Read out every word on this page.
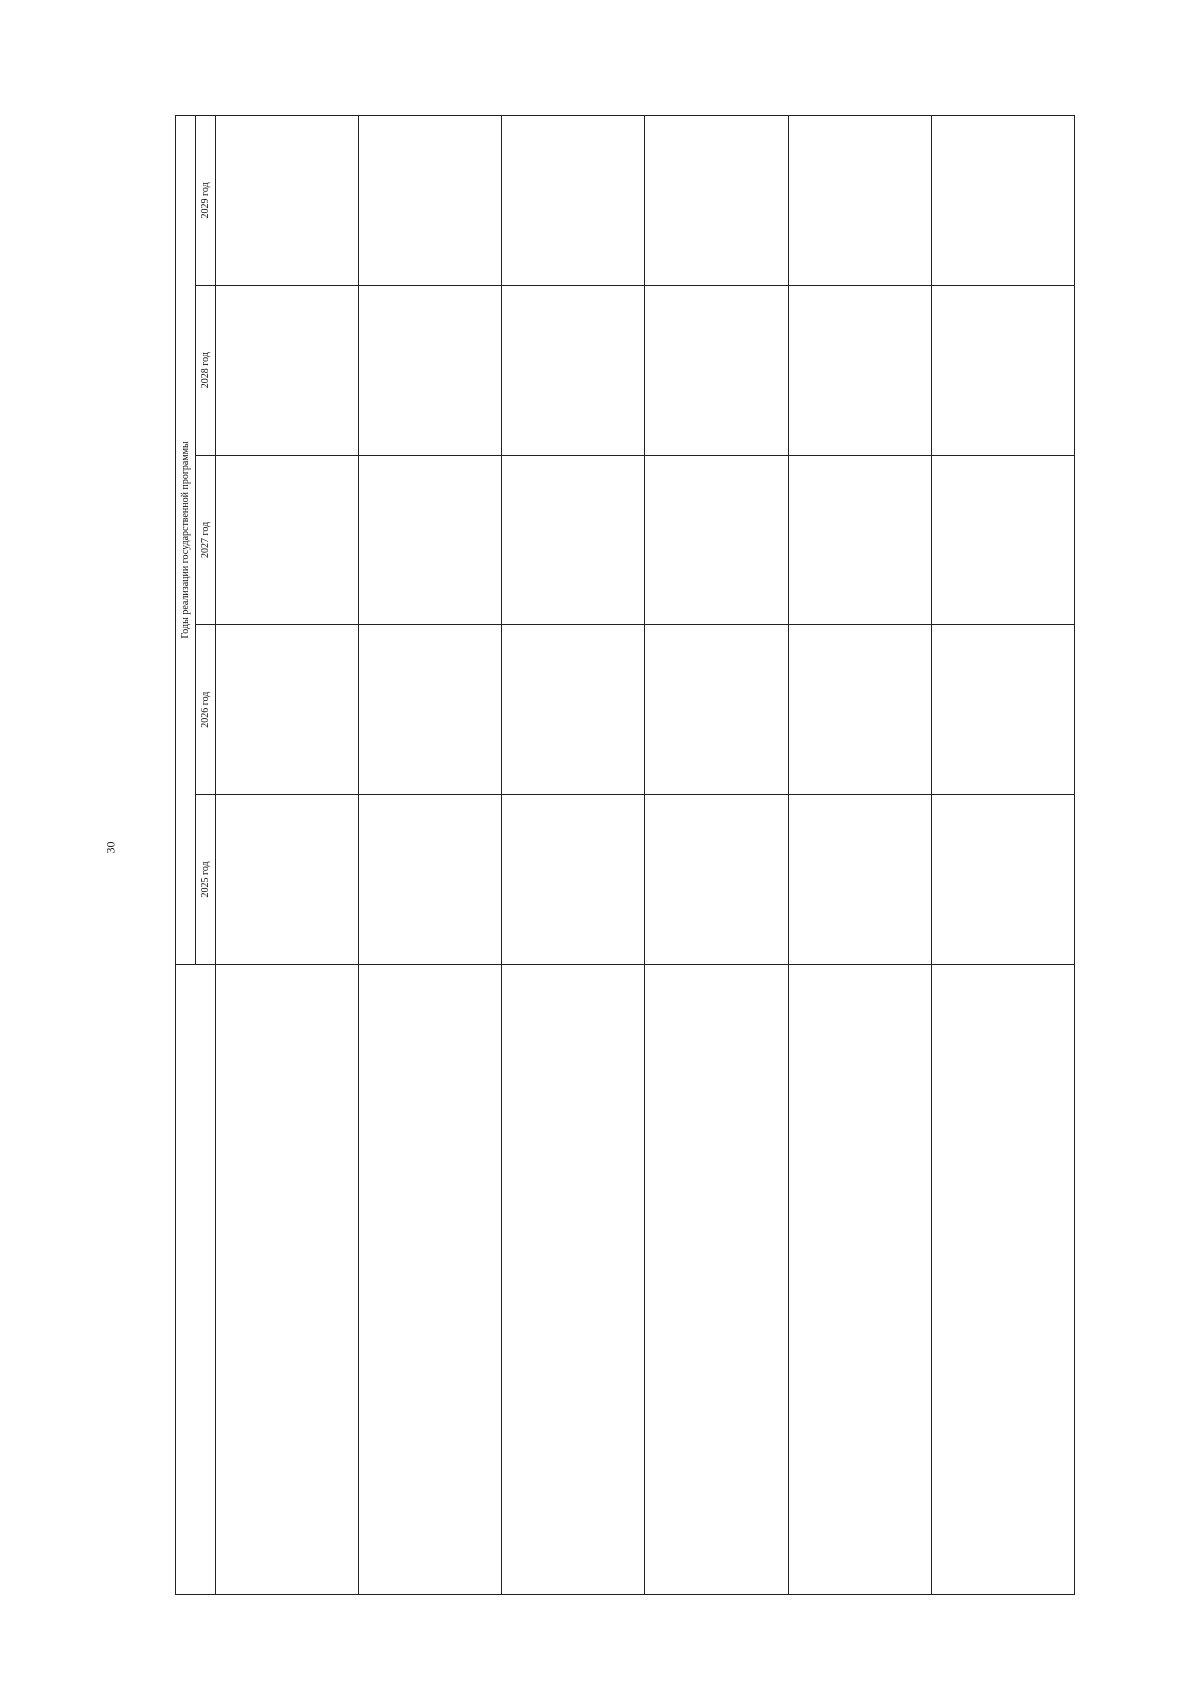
30
	Годы реализации государственной программы				
	2025 год	2026 год	2027 год	2028 год	2029 год
